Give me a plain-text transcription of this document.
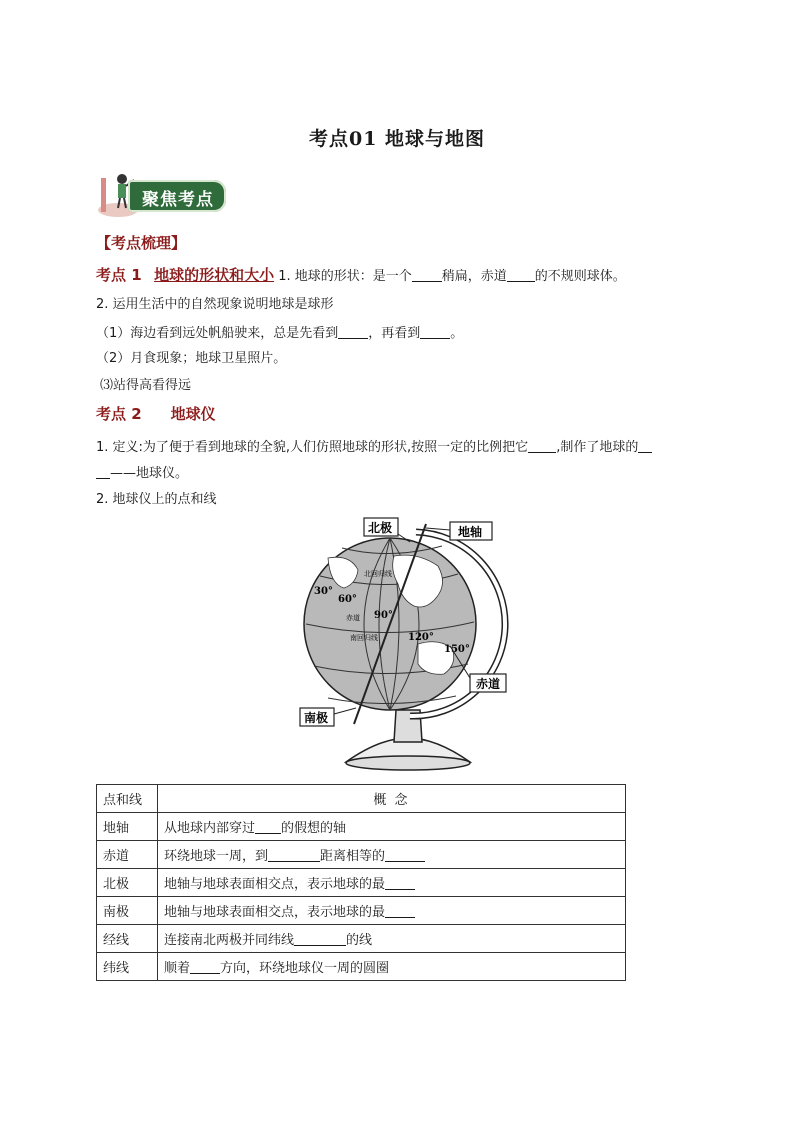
考点01 地球与地图
聚焦考点
【考点梳理】
考点 1 地球的形状和大小 1. 地球的形状：是一个 稍扁，赤道 的不规则球体。
2. 运用生活中的自然现象说明地球是球形
（1）海边看到远处帆船驶来，总是先看到 ，再看到 。
（2）月食现象；地球卫星照片。
⑶站得高看得远
考点 2 地球仪
1. 定义:为了便于看到地球的全貌,人们仿照地球的形状,按照一定的比例把它 ,制作了地球的
——地球仪。
2. 地球仪上的点和线
30°
60°
90°
120°
150°
北回归线
赤道
南回归线
北极	地轴
赤道
南极
点和线	概 念
地轴	从地球内部穿过 的假想的轴
赤道	环绕地球一周，到 距离相等的
北极	地轴与地球表面相交点，表示地球的最
南极	地轴与地球表面相交点，表示地球的最
经线	连接南北两极并同纬线 的线
纬线	顺着 方向，环绕地球仪一周的圆圈
